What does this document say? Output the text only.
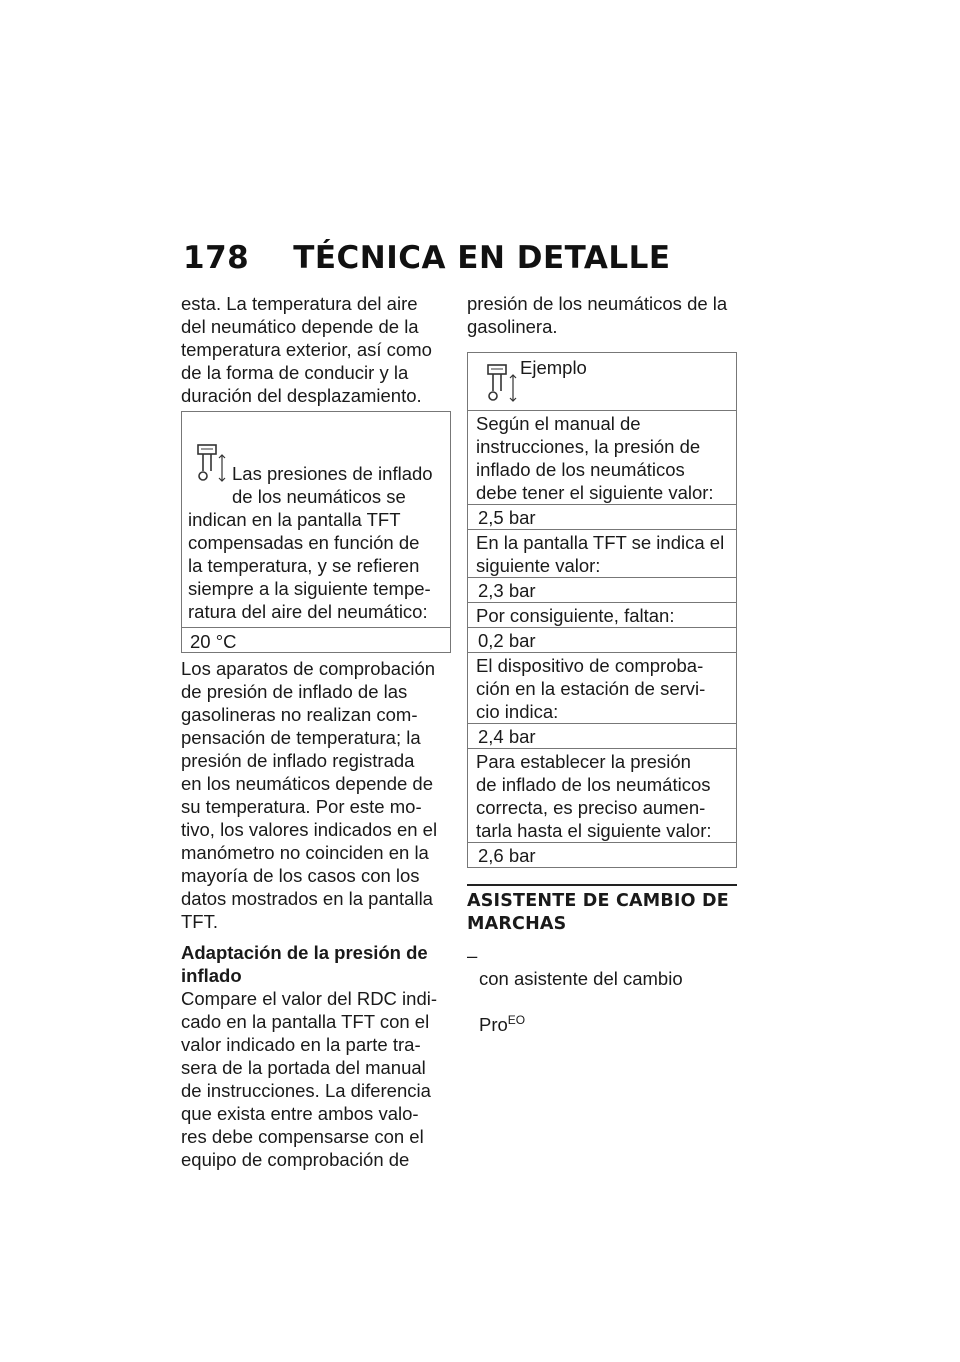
178 TÉCNICA EN DETALLE

esta. La temperatura del aire
del neumático depende de la
temperatura exterior, así como
de la forma de conducir y la
duración del desplazamiento.

Las presiones de inflado
de los neumáticos se
indican en la pantalla TFT
compensadas en función de
la temperatura, y se refieren
siempre a la siguiente tempe-
ratura del aire del neumático:

20 °C

Los aparatos de comprobación
de presión de inflado de las
gasolineras no realizan com-
pensación de temperatura; la
presión de inflado registrada
en los neumáticos depende de
su temperatura. Por este mo-
tivo, los valores indicados en el
manómetro no coinciden en la
mayoría de los casos con los
datos mostrados en la pantalla
TFT.

Adaptación de la presión de
inflado

Compare el valor del RDC indi-
cado en la pantalla TFT con el
valor indicado en la parte tra-
sera de la portada del manual
de instrucciones. La diferencia
que exista entre ambos valo-
res debe compensarse con el
equipo de comprobación de

presión de los neumáticos de la
gasolinera.

Ejemplo

Según el manual de
instrucciones, la presión de
inflado de los neumáticos
debe tener el siguiente valor:
2,5 bar
En la pantalla TFT se indica el
siguiente valor:
2,3 bar
Por consiguiente, faltan:
0,2 bar
El dispositivo de comproba-
ción en la estación de servi-
cio indica:
2,4 bar
Para establecer la presión
de inflado de los neumáticos
correcta, es preciso aumen-
tarla hasta el siguiente valor:
2,6 bar
ASISTENTE DE CAMBIO DE
MARCHAS
–

con asistente del cambio

Pro$^{EO}$
